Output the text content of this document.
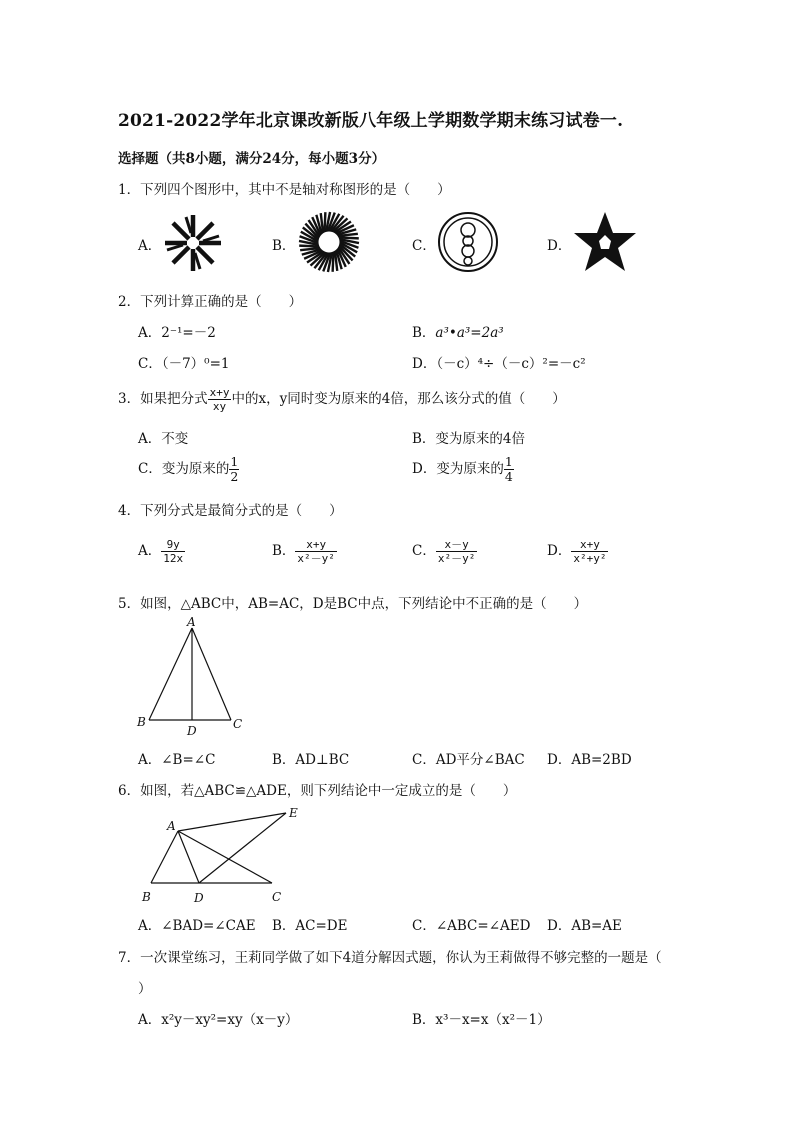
2021-2022学年北京课改新版八年级上学期数学期末练习试卷一.
选择题（共8小题，满分24分，每小题3分）
1．下列四个图形中，其中不是轴对称图形的是（　　）
A．	B．	C．	D．
2．下列计算正确的是（　　）
A．2⁻¹=－2	B．a³•a³=2a³
C．（－7）⁰=1	D．（－c）⁴÷（－c）²=－c²
3．如果把分式 $\frac{x+y}{xy}$ 中的x，y同时变为原来的4倍，那么该分式的值（　　）
A．不变	B．变为原来的4倍
C．变为原来的 $\frac{1}{2}$	D．变为原来的 $\frac{1}{4}$
4．下列分式是最简分式的是（　　）
A． $\frac{9y}{12x}$	B． $\frac{x+y}{\text{x²－y²}}$	C． $\frac{x-y}{\text{x²－y²}}$	D． $\frac{x+y}{\text{x²+y²}}$
5．如图，△ABC中，AB=AC，D是BC中点，下列结论中不正确的是（　　）
A
B	C
D
A．∠B=∠C	B．AD⊥BC	C．AD平分∠BAC D．AB=2BD
6．如图，若△ABC≌△ADE，则下列结论中一定成立的是（　　）
A
B	C
D
E
A．∠BAD=∠CAE B．AC=DE	C．∠ABC=∠AED D．AB=AE
7．一次课堂练习，王莉同学做了如下4道分解因式题，你认为王莉做得不够完整的一题是（
）
A．x²y－xy²=xy（x－y）	B．x³－x=x（x²－1）
